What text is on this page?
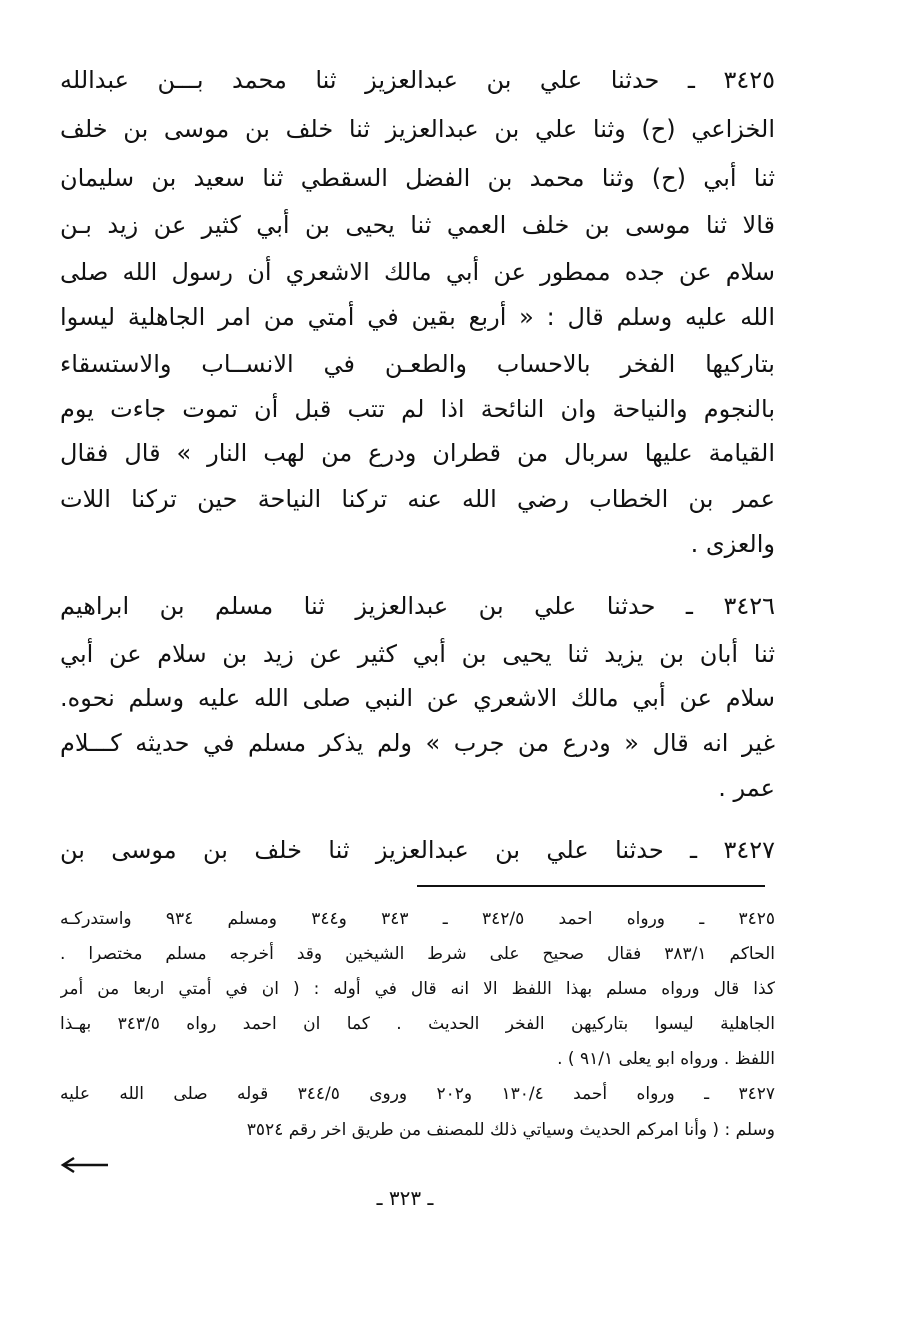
٣٤٢٥ ـ حدثنا علي بن عبدالعزيز ثنا محمد بـــن عبدالله
الخزاعي (ح) وثنا علي بن عبدالعزيز ثنا خلف بن موسى بن خلف
ثنا أبي (ح) وثنا محمد بن الفضل السقطي ثنا سعيد بن سليمان
قالا ثنا موسى بن خلف العمي ثنا يحيى بن أبي كثير عن زيد بـن
سلام عن جده ممطور عن أبي مالك الاشعري أن رسول الله صلى
الله عليه وسلم قال : « أربع بقين في أمتي من امر الجاهلية ليسوا
بتاركيها الفخر بالاحساب والطعـن في الانســاب والاستسقاء
بالنجوم والنياحة وان النائحة اذا لم تتب قبل أن تموت جاءت يوم
القيامة عليها سربال من قطران ودرع من لهب النار » قال فقال
عمر بن الخطاب رضي الله عنه تركنا النياحة حين تركنا اللات
والعزى .
٣٤٢٦ ـ حدثنا علي بن عبدالعزيز ثنا مسلم بن ابراهيم
ثنا أبان بن يزيد ثنا يحيى بن أبي كثير عن زيد بن سلام عن أبي
سلام عن أبي مالك الاشعري عن النبي صلى الله عليه وسلم نحوه.
غير انه قال « ودرع من جرب » ولم يذكر مسلم في حديثه كـــلام
عمر .
٣٤٢٧ ـ حدثنا علي بن عبدالعزيز ثنا خلف بن موسى بن
٣٤٢٥ ـ ورواه احمد ٣٤٢/٥ ـ ٣٤٣ و٣٤٤ ومسلم ٩٣٤ واستدركـه
الحاكم ٣٨٣/١ فقال صحيح على شرط الشيخين وقد أخرجه مسلم مختصرا .
كذا قال ورواه مسلم بهذا اللفظ الا انه قال في أوله : ( ان في أمتي اربعا من أمر
الجاهلية ليسوا بتاركيهن الفخر الحديث . كما ان احمد رواه ٣٤٣/٥ بهـذا
اللفظ . ورواه ابو يعلى ٩١/١ ) .
٣٤٢٧ ـ ورواه أحمد ١٣٠/٤ و٢٠٢ وروى ٣٤٤/٥ قوله صلى الله عليه
وسلم : ( وأنا امركم الحديث وسياتي ذلك للمصنف من طريق اخر رقم ٣٥٢٤
ـ ٣٢٣ ـ
